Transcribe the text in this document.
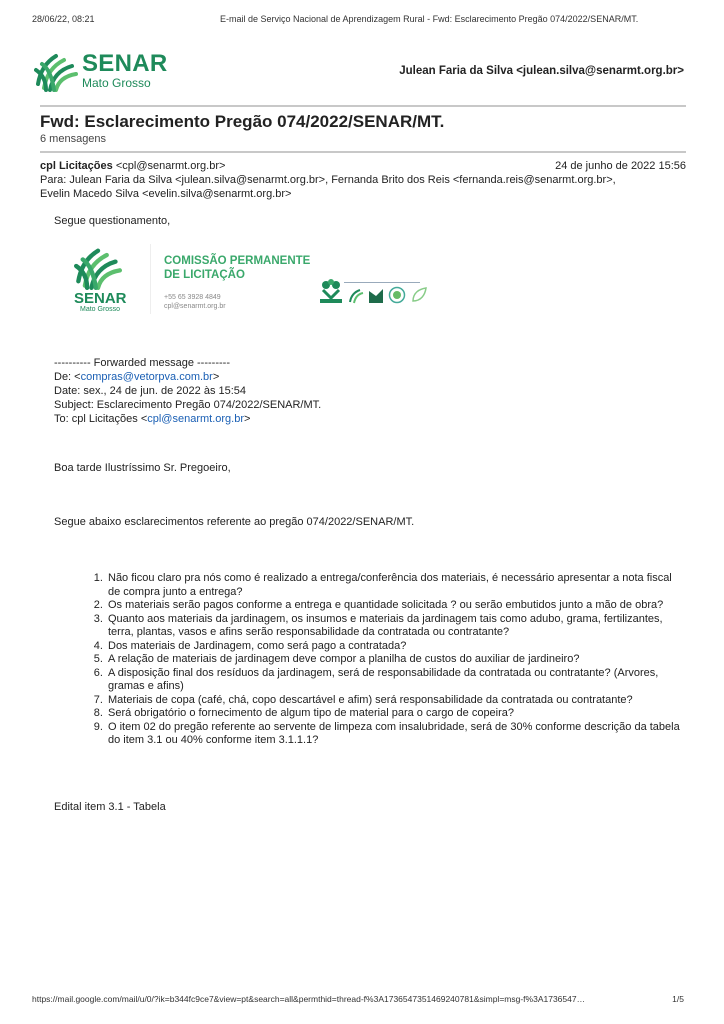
28/06/22, 08:21	E-mail de Serviço Nacional de Aprendizagem Rural - Fwd: Esclarecimento Pregão 074/2022/SENAR/MT.
SENAR
Mato Grosso
Julean Faria da Silva <julean.silva@senarmt.org.br>
Fwd: Esclarecimento Pregão 074/2022/SENAR/MT.
6 mensagens
cpl Licitações <cpl@senarmt.org.br>	24 de junho de 2022 15:56
Para: Julean Faria da Silva <julean.silva@senarmt.org.br>, Fernanda Brito dos Reis <fernanda.reis@senarmt.org.br>,
Evelin Macedo Silva <evelin.silva@senarmt.org.br>
Segue questionamento,
SENAR
Mato Grosso
COMISSÃO PERMANENTE
DE LICITAÇÃO
+55 65 3928 4849
cpl@senarmt.org.br
---------- Forwarded message ---------
De: <compras@vetorpva.com.br>
Date: sex., 24 de jun. de 2022 às 15:54
Subject: Esclarecimento Pregão 074/2022/SENAR/MT.
To: cpl Licitações <cpl@senarmt.org.br>
Boa tarde Ilustríssimo Sr. Pregoeiro,
Segue abaixo esclarecimentos referente ao pregão 074/2022/SENAR/MT.
1. Não ficou claro pra nós como é realizado a entrega/conferência dos materiais, é necessário apresentar a nota fiscal de compra junto a entrega?
2. Os materiais serão pagos conforme a entrega e quantidade solicitada ? ou serão embutidos junto a mão de obra?
3. Quanto aos materiais da jardinagem, os insumos e materiais da jardinagem tais como adubo, grama, fertilizantes, terra, plantas, vasos e afins serão responsabilidade da contratada ou contratante?
4. Dos materiais de Jardinagem, como será pago a contratada?
5. A relação de materiais de jardinagem deve compor a planilha de custos do auxiliar de jardineiro?
6. A disposição final dos resíduos da jardinagem, será de responsabilidade da contratada ou contratante? (Arvores, gramas e afins)
7. Materiais de copa (café, chá, copo descartável e afim) será responsabilidade da contratada ou contratante?
8. Será obrigatório o fornecimento de algum tipo de material para o cargo de copeira?
9. O item 02 do pregão referente ao servente de limpeza com insalubridade, será de 30% conforme descrição da tabela do item 3.1 ou 40% conforme item 3.1.1.1?
Edital item 3.1 - Tabela
https://mail.google.com/mail/u/0/?ik=b344fc9ce7&view=pt&search=all&permthid=thread-f%3A1736547351469240781&simpl=msg-f%3A1736547…	1/5
